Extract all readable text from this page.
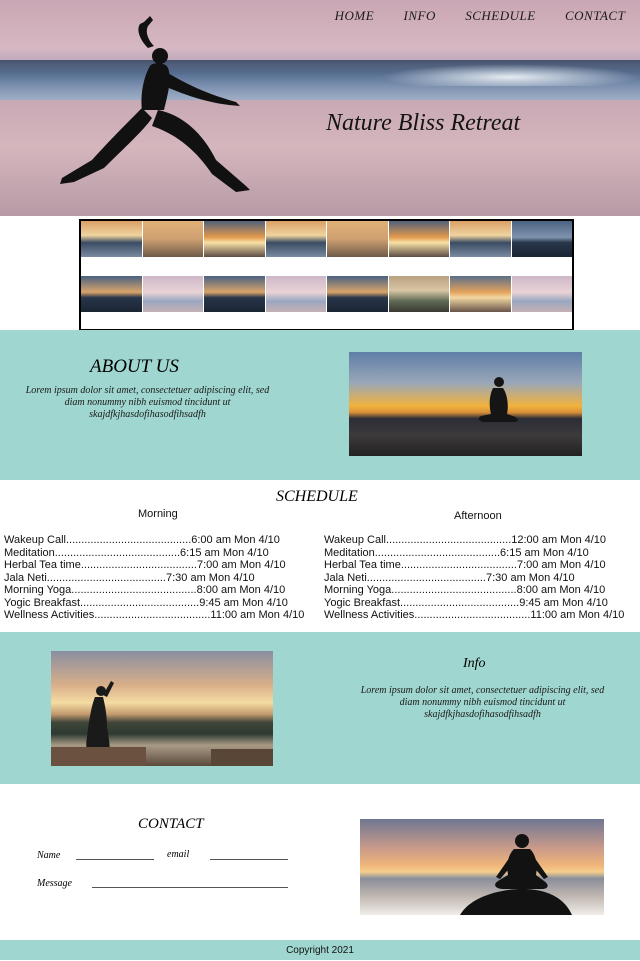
HOME INFO SCHEDULE CONTACT
Nature Bliss Retreat
ABOUT US
Lorem ipsum dolor sit amet, consectetuer adipiscing elit, sed diam nonummy nibh euismod tincidunt ut skajdfkjhasdofihasodfihsadfh
SCHEDULE
Morning	Afternoon
Wakeup Call.........................................6:00 am Mon 4/10
Meditation.........................................6:15 am Mon 4/10
Herbal Tea time......................................7:00 am Mon 4/10
Jala Neti.......................................7:30 am Mon 4/10
Morning Yoga.........................................8:00 am Mon 4/10
Yogic Breakfast.......................................9:45 am Mon 4/10
Wellness Activities......................................11:00 am Mon 4/10
Wakeup Call.........................................12:00 am Mon 4/10
Meditation.........................................6:15 am Mon 4/10
Herbal Tea time......................................7:00 am Mon 4/10
Jala Neti.......................................7:30 am Mon 4/10
Morning Yoga.........................................8:00 am Mon 4/10
Yogic Breakfast.......................................9:45 am Mon 4/10
Wellness Activities......................................11:00 am Mon 4/10
Info
Lorem ipsum dolor sit amet, consectetuer adipiscing elit, sed diam nonummy nibh euismod tincidunt ut skajdfkjhasdofihasodfihsadfh
CONTACT
Name	email
Message
Copyright 2021
